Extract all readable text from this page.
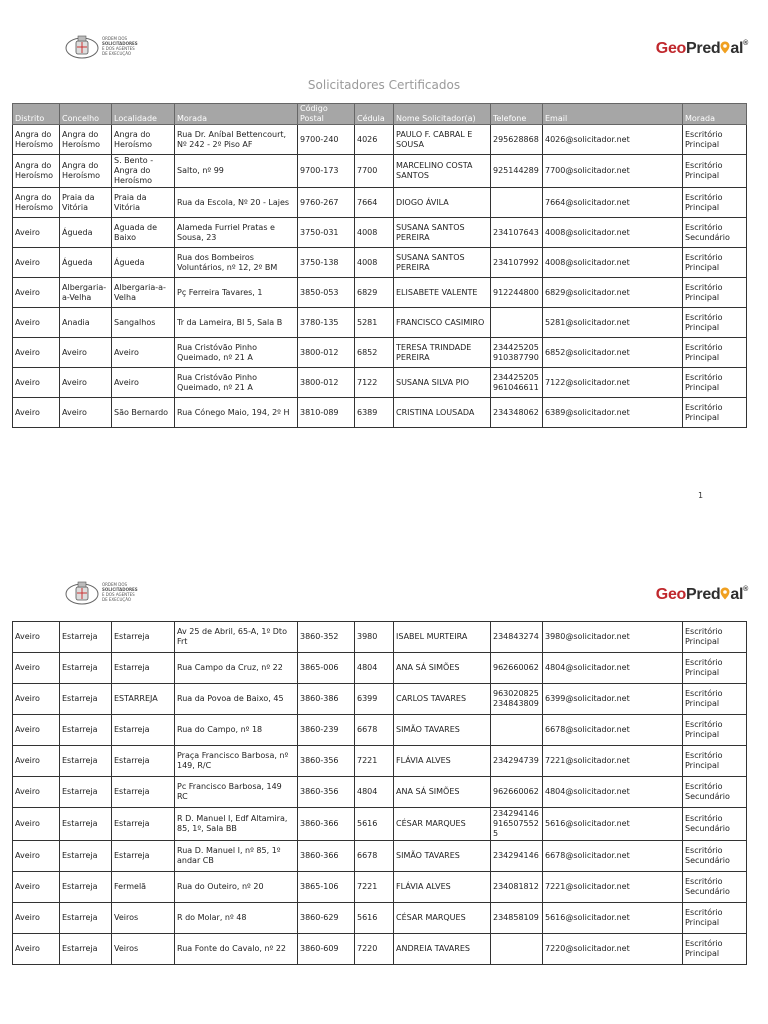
ORDEM DOS
SOLICITADORES
E DOS AGENTES
DE EXECUÇÃO	GeoPred al®
Solicitadores Certificados
Distrito	Concelho	Localidade	Morada	Código Postal	Cédula	Nome Solicitador(a)	Telefone	Email	Morada
Angra do Heroísmo	Angra do Heroísmo	Angra do Heroísmo	Rua Dr. Aníbal Bettencourt, Nº 242 - 2º Piso AF	9700-240	4026	PAULO F. CABRAL E SOUSA	295628868	4026@solicitador.net	Escritório Principal
Angra do Heroísmo	Angra do Heroísmo	S. Bento - Angra do Heroísmo	Salto, nº 99	9700-173	7700	MARCELINO COSTA SANTOS	925144289	7700@solicitador.net	Escritório Principal
Angra do Heroísmo	Praia da Vitória	Praia da Vitória	Rua da Escola, Nº 20 - Lajes	9760-267	7664	DIOGO ÁVILA		7664@solicitador.net	Escritório Principal
Aveiro	Águeda	Aguada de Baixo	Alameda Furriel Pratas e Sousa, 23	3750-031	4008	SUSANA SANTOS PEREIRA	234107643	4008@solicitador.net	Escritório Secundário
Aveiro	Águeda	Águeda	Rua dos Bombeiros Voluntários, nº 12, 2º BM	3750-138	4008	SUSANA SANTOS PEREIRA	234107992	4008@solicitador.net	Escritório Principal
Aveiro	Albergaria-a-Velha	Albergaria-a-Velha	Pç Ferreira Tavares, 1	3850-053	6829	ELISABETE VALENTE	912244800	6829@solicitador.net	Escritório Principal
Aveiro	Anadia	Sangalhos	Tr da Lameira, Bl 5, Sala B	3780-135	5281	FRANCISCO CASIMIRO		5281@solicitador.net	Escritório Principal
Aveiro	Aveiro	Aveiro	Rua Cristóvão Pinho Queimado, nº 21 A	3800-012	6852	TERESA TRINDADE PEREIRA	234425205 910387790	6852@solicitador.net	Escritório Principal
Aveiro	Aveiro	Aveiro	Rua Cristóvão Pinho Queimado, nº 21 A	3800-012	7122	SUSANA SILVA PIO	234425205 961046611	7122@solicitador.net	Escritório Principal
Aveiro	Aveiro	São Bernardo	Rua Cónego Maio, 194, 2º H	3810-089	6389	CRISTINA LOUSADA	234348062	6389@solicitador.net	Escritório Principal
1
ORDEM DOS
SOLICITADORES
E DOS AGENTES
DE EXECUÇÃO	GeoPred al®
Aveiro	Estarreja	Estarreja	Av 25 de Abril, 65-A, 1º Dto Frt	3860-352	3980	ISABEL MURTEIRA	234843274	3980@solicitador.net	Escritório Principal
Aveiro	Estarreja	Estarreja	Rua Campo da Cruz, nº 22	3865-006	4804	ANA SÁ SIMÕES	962660062	4804@solicitador.net	Escritório Principal
Aveiro	Estarreja	ESTARREJA	Rua da Povoa de Baixo, 45	3860-386	6399	CARLOS TAVARES	963020825 234843809	6399@solicitador.net	Escritório Principal
Aveiro	Estarreja	Estarreja	Rua do Campo, nº 18	3860-239	6678	SIMÃO TAVARES		6678@solicitador.net	Escritório Principal
Aveiro	Estarreja	Estarreja	Praça Francisco Barbosa, nº 149, R/C	3860-356	7221	FLÁVIA ALVES	234294739	7221@solicitador.net	Escritório Principal
Aveiro	Estarreja	Estarreja	Pc Francisco Barbosa, 149 RC	3860-356	4804	ANA SÁ SIMÕES	962660062	4804@solicitador.net	Escritório Secundário
Aveiro	Estarreja	Estarreja	R D. Manuel I, Edf Altamira, 85, 1º, Sala BB	3860-366	5616	CÉSAR MARQUES	234294146 916507552 5	5616@solicitador.net	Escritório Secundário
Aveiro	Estarreja	Estarreja	Rua D. Manuel I, nº 85, 1º andar CB	3860-366	6678	SIMÃO TAVARES	234294146	6678@solicitador.net	Escritório Secundário
Aveiro	Estarreja	Fermelã	Rua do Outeiro, nº 20	3865-106	7221	FLÁVIA ALVES	234081812	7221@solicitador.net	Escritório Secundário
Aveiro	Estarreja	Veiros	R do Molar, nº 48	3860-629	5616	CÉSAR MARQUES	234858109	5616@solicitador.net	Escritório Principal
Aveiro	Estarreja	Veiros	Rua Fonte do Cavalo, nº 22	3860-609	7220	ANDREIA TAVARES		7220@solicitador.net	Escritório Principal
